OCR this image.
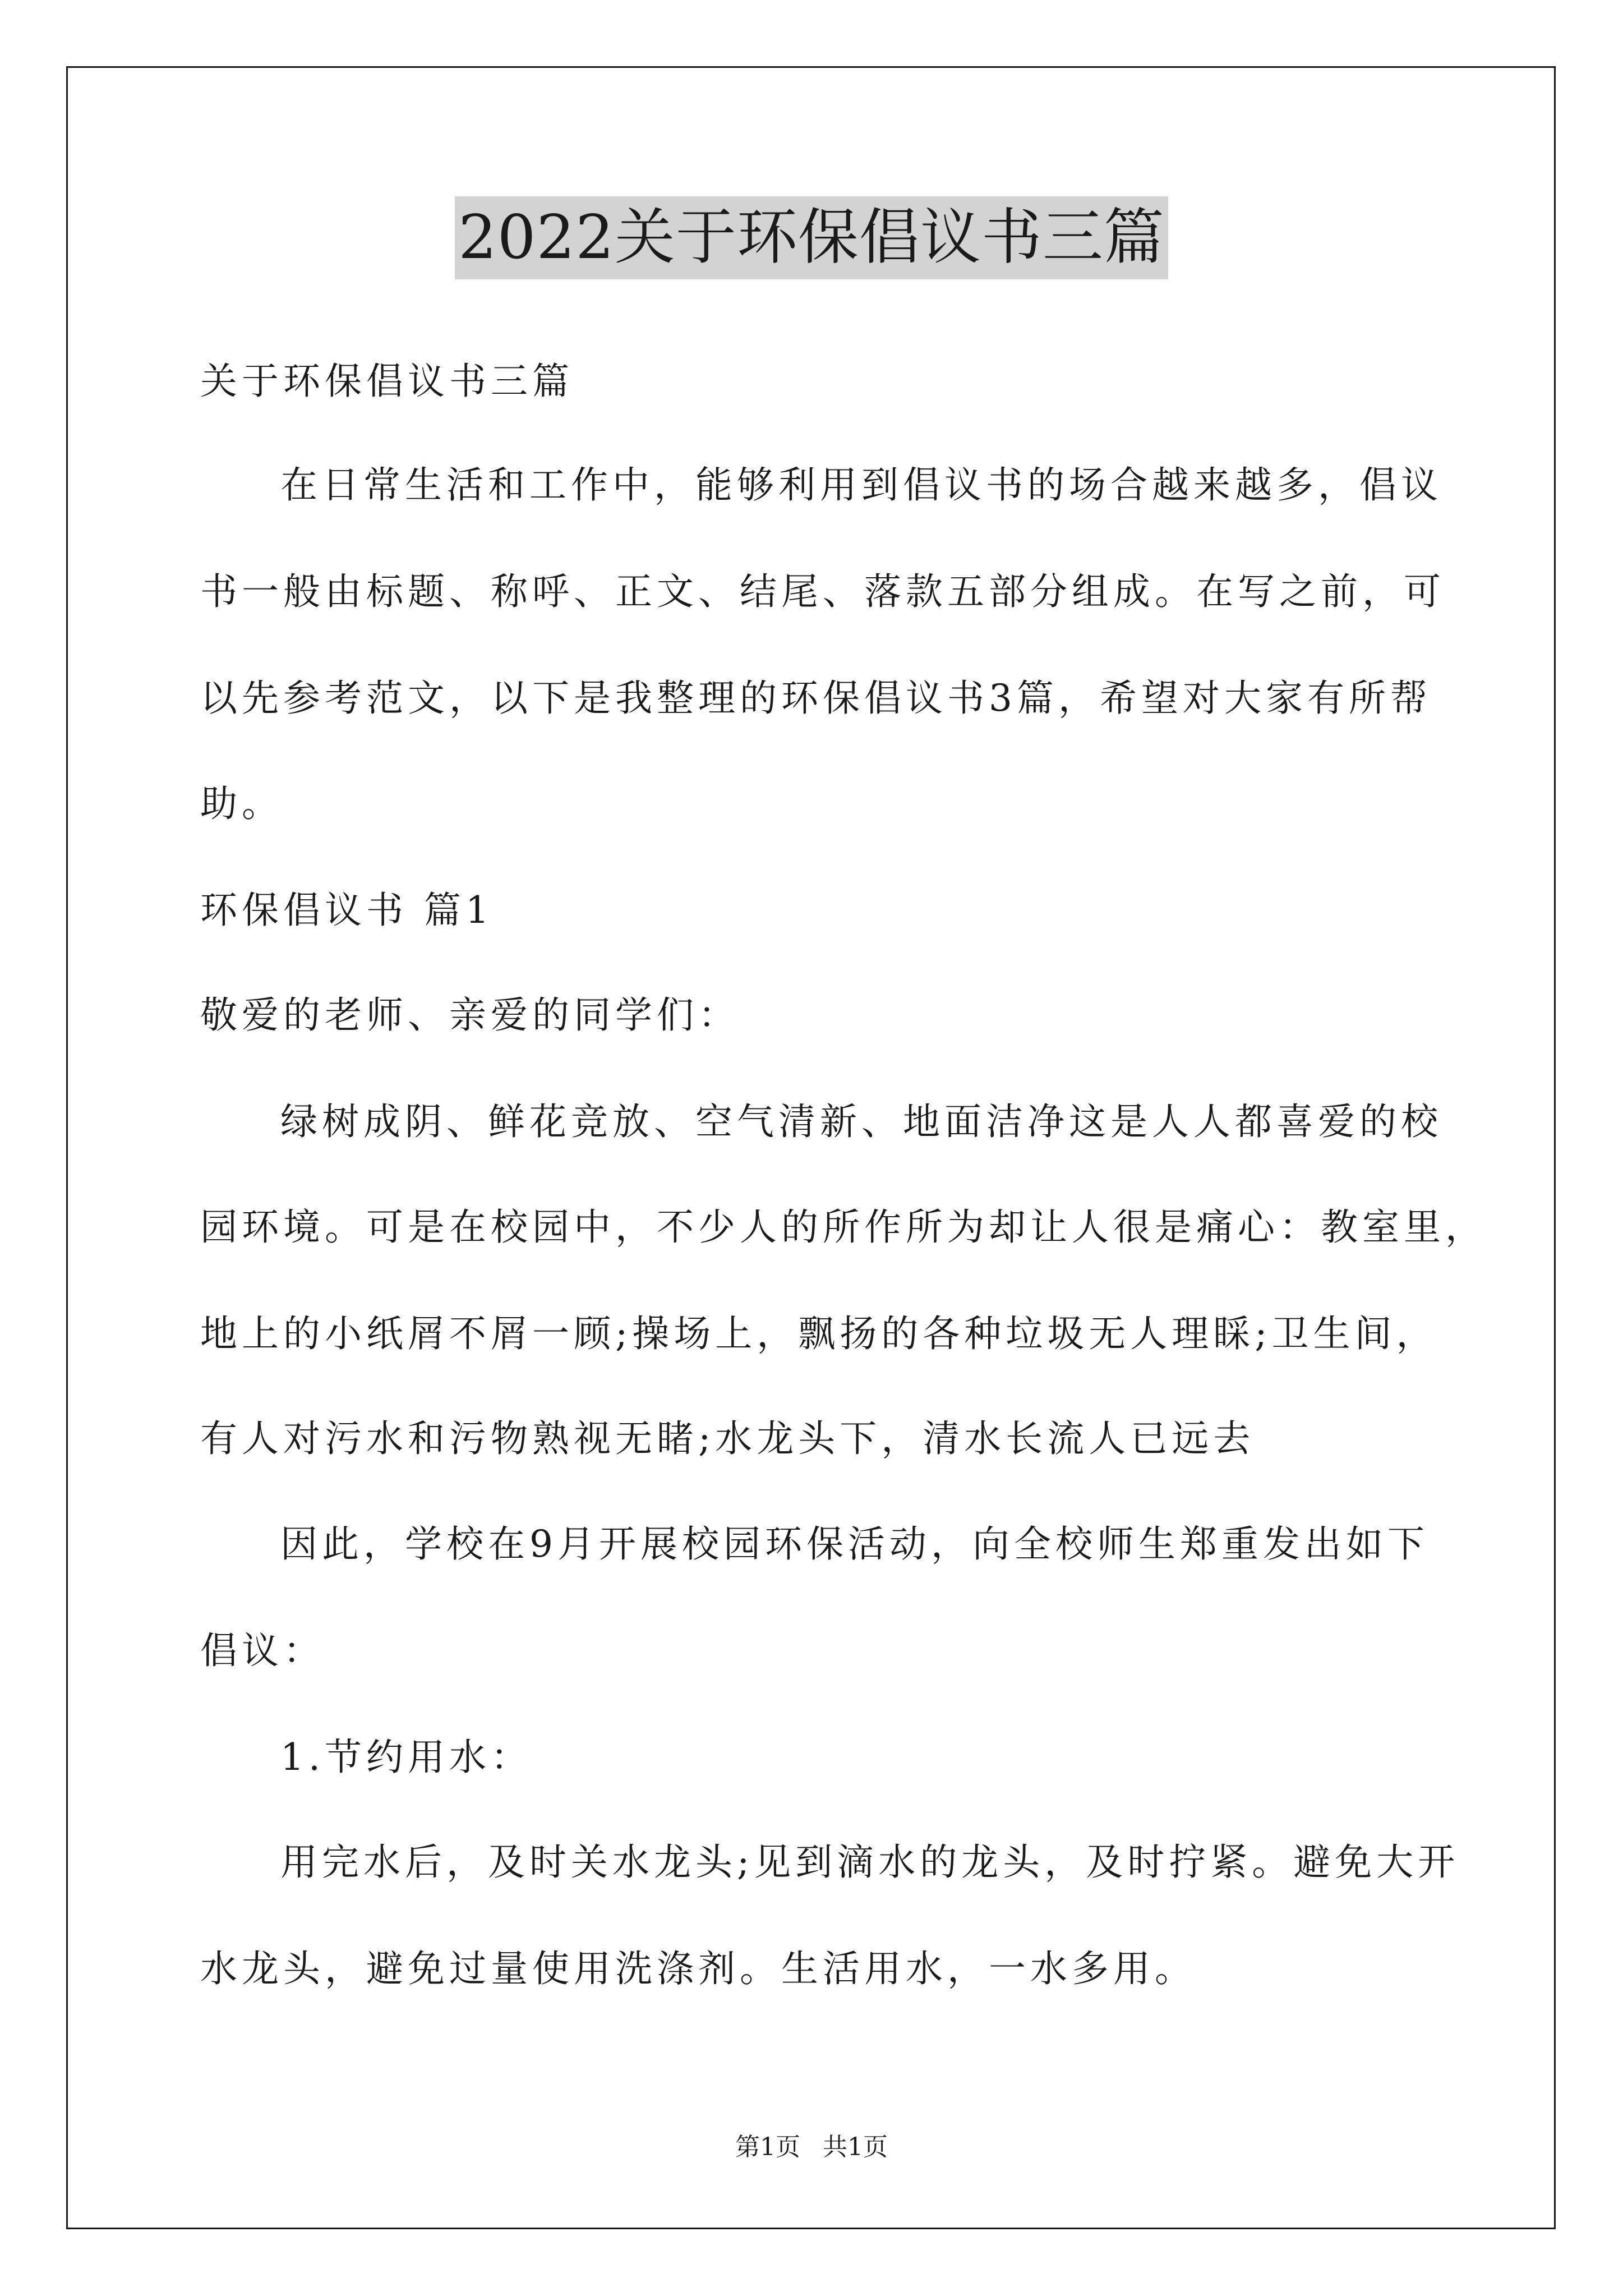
2022关于环保倡议书三篇
关于环保倡议书三篇
在日常生活和工作中，能够利用到倡议书的场合越来越多，倡议
书一般由标题、称呼、正文、结尾、落款五部分组成。在写之前，可
以先参考范文，以下是我整理的环保倡议书3篇，希望对大家有所帮
助。
环保倡议书 篇1
敬爱的老师、亲爱的同学们：
绿树成阴、鲜花竞放、空气清新、地面洁净这是人人都喜爱的校
园环境。可是在校园中，不少人的所作所为却让人很是痛心：教室里，
地上的小纸屑不屑一顾;操场上，飘扬的各种垃圾无人理睬;卫生间，
有人对污水和污物熟视无睹;水龙头下，清水长流人已远去
因此，学校在9月开展校园环保活动，向全校师生郑重发出如下
倡议：
1.节约用水：
用完水后，及时关水龙头;见到滴水的龙头，及时拧紧。避免大开
水龙头，避免过量使用洗涤剂。生活用水，一水多用。
第1页 共1页
